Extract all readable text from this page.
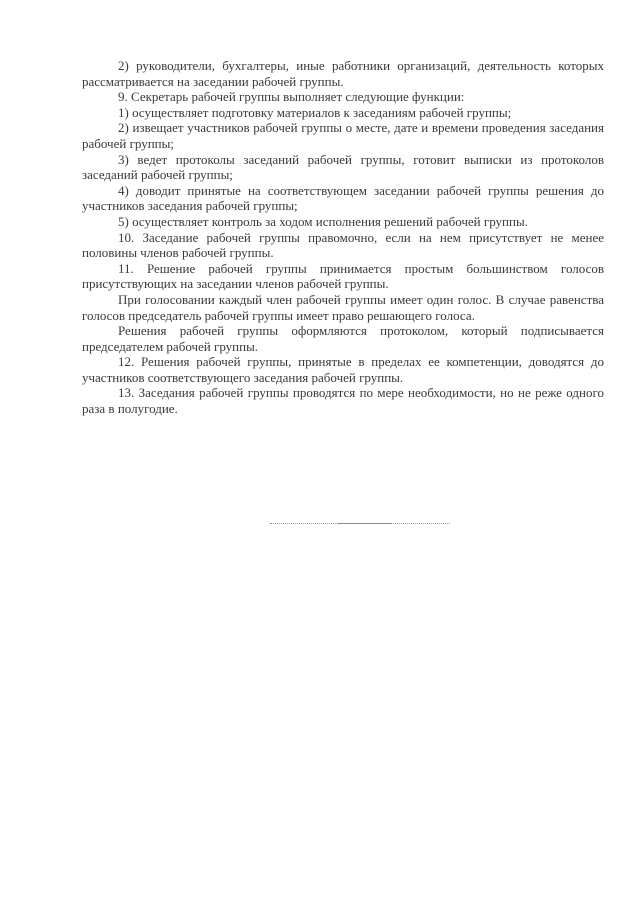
2) руководители, бухгалтеры, иные работники организаций, деятельность которых рассматривается на заседании рабочей группы.

9. Секретарь рабочей группы выполняет следующие функции:

1) осуществляет подготовку материалов к заседаниям рабочей группы;

2) извещает участников рабочей группы о месте, дате и времени проведения заседания рабочей группы;

3) ведет протоколы заседаний рабочей группы, готовит выписки из протоколов заседаний рабочей группы;

4) доводит принятые на соответствующем заседании рабочей группы решения до участников заседания рабочей группы;

5) осуществляет контроль за ходом исполнения решений рабочей группы.

10. Заседание рабочей группы правомочно, если на нем присутствует не менее половины членов рабочей группы.

11. Решение рабочей группы принимается простым большинством голосов присутствующих на заседании членов рабочей группы.

При голосовании каждый член рабочей группы имеет один голос. В случае равенства голосов председатель рабочей группы имеет право решающего голоса.

Решения рабочей группы оформляются протоколом, который подписывается председателем рабочей группы.

12. Решения рабочей группы, принятые в пределах ее компетенции, доводятся до участников соответствующего заседания рабочей группы.

13. Заседания рабочей группы проводятся по мере необходимости, но не реже одного раза в полугодие.
